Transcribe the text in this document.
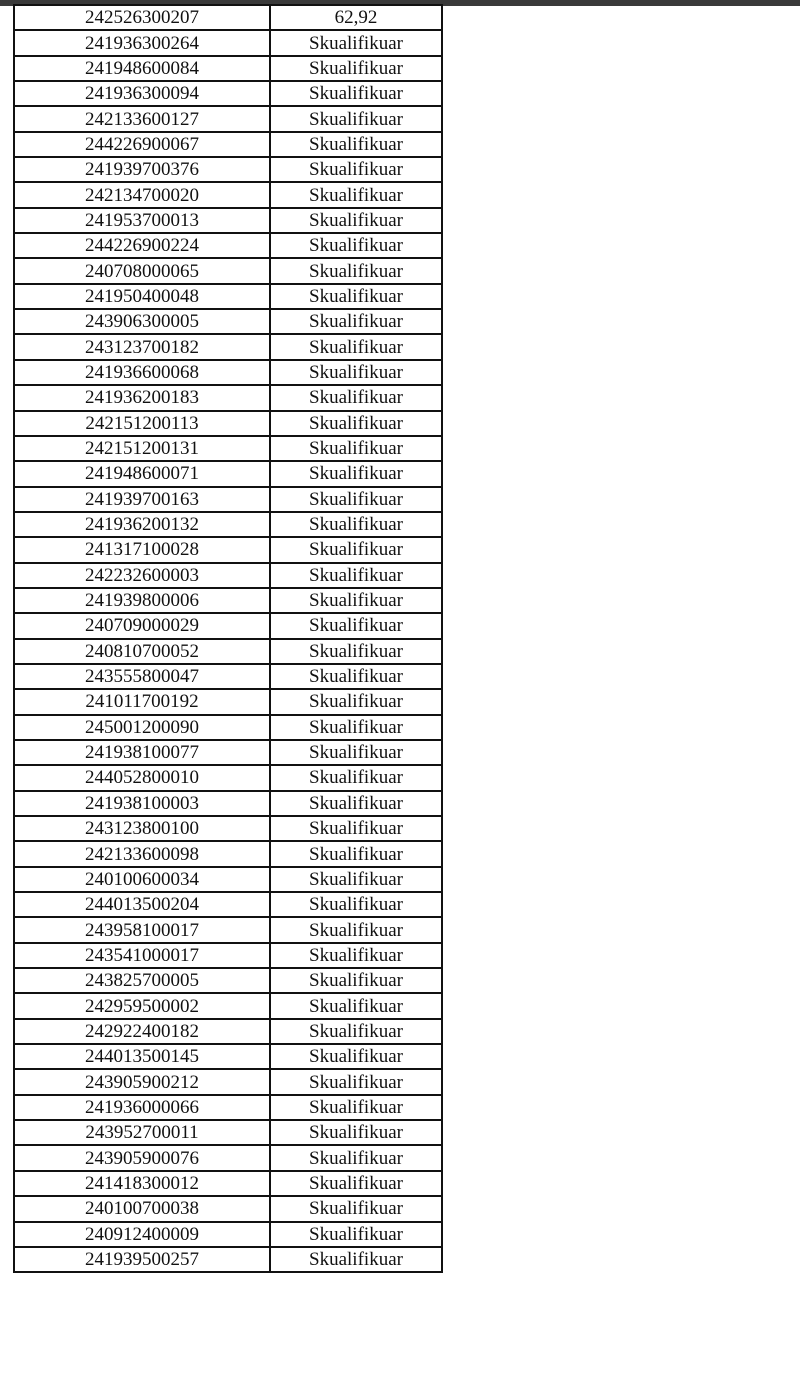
242526300207	62,92
241936300264	Skualifikuar
241948600084	Skualifikuar
241936300094	Skualifikuar
242133600127	Skualifikuar
244226900067	Skualifikuar
241939700376	Skualifikuar
242134700020	Skualifikuar
241953700013	Skualifikuar
244226900224	Skualifikuar
240708000065	Skualifikuar
241950400048	Skualifikuar
243906300005	Skualifikuar
243123700182	Skualifikuar
241936600068	Skualifikuar
241936200183	Skualifikuar
242151200113	Skualifikuar
242151200131	Skualifikuar
241948600071	Skualifikuar
241939700163	Skualifikuar
241936200132	Skualifikuar
241317100028	Skualifikuar
242232600003	Skualifikuar
241939800006	Skualifikuar
240709000029	Skualifikuar
240810700052	Skualifikuar
243555800047	Skualifikuar
241011700192	Skualifikuar
245001200090	Skualifikuar
241938100077	Skualifikuar
244052800010	Skualifikuar
241938100003	Skualifikuar
243123800100	Skualifikuar
242133600098	Skualifikuar
240100600034	Skualifikuar
244013500204	Skualifikuar
243958100017	Skualifikuar
243541000017	Skualifikuar
243825700005	Skualifikuar
242959500002	Skualifikuar
242922400182	Skualifikuar
244013500145	Skualifikuar
243905900212	Skualifikuar
241936000066	Skualifikuar
243952700011	Skualifikuar
243905900076	Skualifikuar
241418300012	Skualifikuar
240100700038	Skualifikuar
240912400009	Skualifikuar
241939500257	Skualifikuar
